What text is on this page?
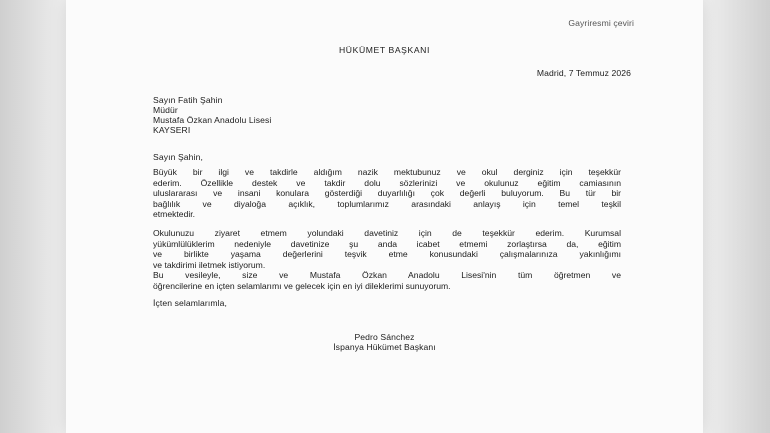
Gayriresmi çeviri

HÜKÜMET BAŞKANI

Madrid, 7 Temmuz 2026

Sayın Fatih Şahin

Müdür

Mustafa Özkan Anadolu Lisesi

KAYSERI

Sayın Şahin,

Büyük bir ilgi ve takdirle aldığım nazik mektubunuz ve okul derginiz için teşekkür
ederim. Özellikle destek ve takdir dolu sözlerinizi ve okulunuz eğitim camiasının
uluslararası ve insani konulara gösterdiği duyarlılığı çok değerli buluyorum. Bu tür bir
bağlılık ve diyaloğa açıklık, toplumlarımız arasındaki anlayış için temel teşkil
etmektedir.
Okulunuzu ziyaret etmem yolundaki davetiniz için de teşekkür ederim. Kurumsal
yükümlülüklerim nedeniyle davetinize şu anda icabet etmemi zorlaştırsa da, eğitim
ve birlikte yaşama değerlerini teşvik etme konusundaki çalışmalarınıza yakınlığımı
ve takdirimi iletmek istiyorum.
Bu vesileyle, size ve Mustafa Özkan Anadolu Lisesi'nin tüm öğretmen ve
öğrencilerine en içten selamlarımı ve gelecek için en iyi dileklerimi sunuyorum.

İçten selamlarımla,

Pedro Sánchez

İspanya Hükümet Başkanı
